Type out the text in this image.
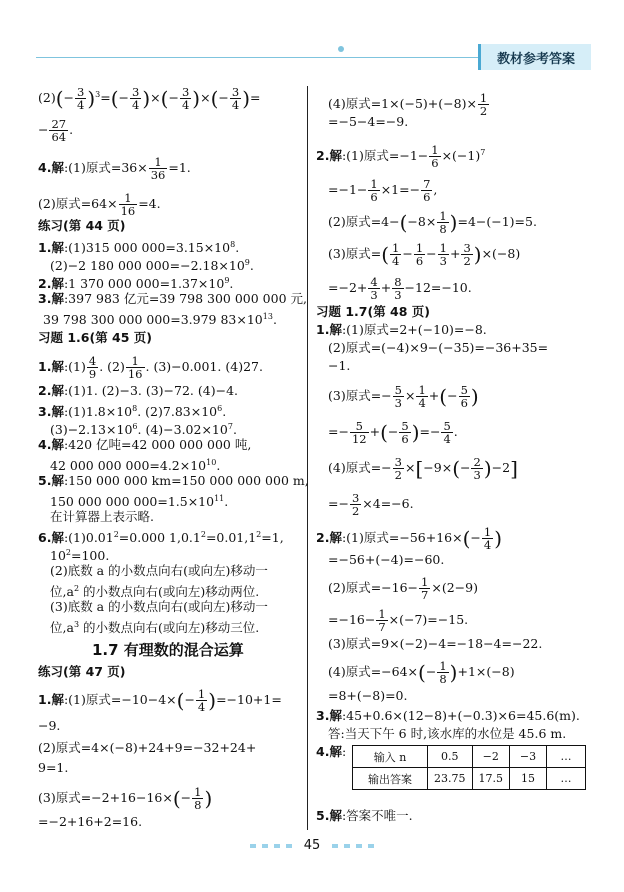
教材参考答案
$(2)(- \frac{3}{4} )^3=(- \frac{3}{4}$ )×(− $\frac{3}{4}$ )×(− $\frac{3}{4}$ )=
− $\frac{27}{64}$ .
4.解:(1)原式$=36\times \frac{1}{36} =1$.
(2)原式$=64\times \frac{1}{16} =4$.
练习(第 44 页)
1.解:(1)315 000 $000=3.15\times 10^8$.
(2)−2 180 000 $000=-2.18\times 10^9$.
2.解:1 370 000 $000=1.37\times 10^9$.
3.解:397 983 亿元=39 798 300 000 000 元,
39 798 300 000 000=3.979 $83\times 10^{13}$.
习题 1.6(第 45 页)
1.解:(1) $\frac{4}{9}$ . $(2) \frac{1}{16}$ . (3)−0.001. (4)27.
2.解:(1)1. (2)−3. (3)−72. (4)−4.
3.解$:(1)1.8\times 10^8$. $(2)7.83\times 10^6$.
$(3)-2.13\times 10^6$. $(4)-3.02\times 10^7$.
4.解:420 亿吨=42 000 000 000 吨,
42 000 000 $000=4.2\times 10^{10}$.
5.解:150 000 000 km=150 000 000 000 m,
150 000 000 $000=1.5\times 10^{11}$.
在计算器上表示略.
6.解$:(1)0.01^2=0.000$ $1,0.1^2=0.01,1^2=1$,
$10^2=100$.
(2)底数 a 的小数点向右(或向左)移动一
位$,a^2$ 的小数点向右(或向左)移动两位.
(3)底数 a 的小数点向右(或向左)移动一
位$,a^3$ 的小数点向右(或向左)移动三位.
1.7 有理数的混合运算
练习(第 47 页)
1.解:(1)原式$=-10-4\times(- \frac{1}{4} )=-10+1=$
−9.
(2)原式=4×(−8)+24+9=−32+24+
9=1.
(3)原式$=-2+16-16\times(- \frac{1}{8}$ )
=−2+16+2=16.
(4)原式$=1\times(-5)+(-8)\times \frac{1}{2}$
=−5−4=−9.
2.解:(1)原式$=-1- \frac{1}{6} \times(-1)^7$
$=-1- \frac{1}{6} \times 1=- \frac{7}{6}$ ,
(2)原式$=4-(-8\times \frac{1}{8} )=4-(-1)=5$.
(3)原式=( $\frac{1}{4} - \frac{1}{6} - \frac{1}{3} + \frac{3}{2} )\times(-8)$
$=-2+ \frac{4}{3} + \frac{8}{3} -12=-10$.
习题 1.7(第 48 页)
1.解:(1)原式=2+(−10)=−8.
(2)原式=(−4)×9−(−35)=−36+35=
−1.
(3)原式=− $\frac{5}{3} \times \frac{1}{4}$ +(− $\frac{5}{6}$ )
=− $\frac{5}{12}$ +(− $\frac{5}{6}$ )=− $\frac{5}{4}$ .
(4)原式=− $\frac{3}{2} \times[-9\times(- \frac{2}{3} )-2]$
=− $\frac{3}{2} \times 4=-6$.
2.解:(1)原式$=-56+16\times(- \frac{1}{4}$ )
=−56+(−4)=−60.
(2)原式$=-16- \frac{1}{7} \times(2-9)$
$=-16- \frac{1}{7} \times(-7)=-15$.
(3)原式=9×(−2)−4=−18−4=−22.
(4)原式$=-64\times(- \frac{1}{8} )+1\times(-8)$
=8+(−8)=0.
3.解:45+0.6×(12−8)+(−0.3)×6=45.6(m).
答:当天下午 6 时,该水库的水位是 45.6 m.
4.解:	输入 n	0.5	−2	−3	…
输出答案	23.75	17.5	15	…
5.解:答案不唯一.
45
